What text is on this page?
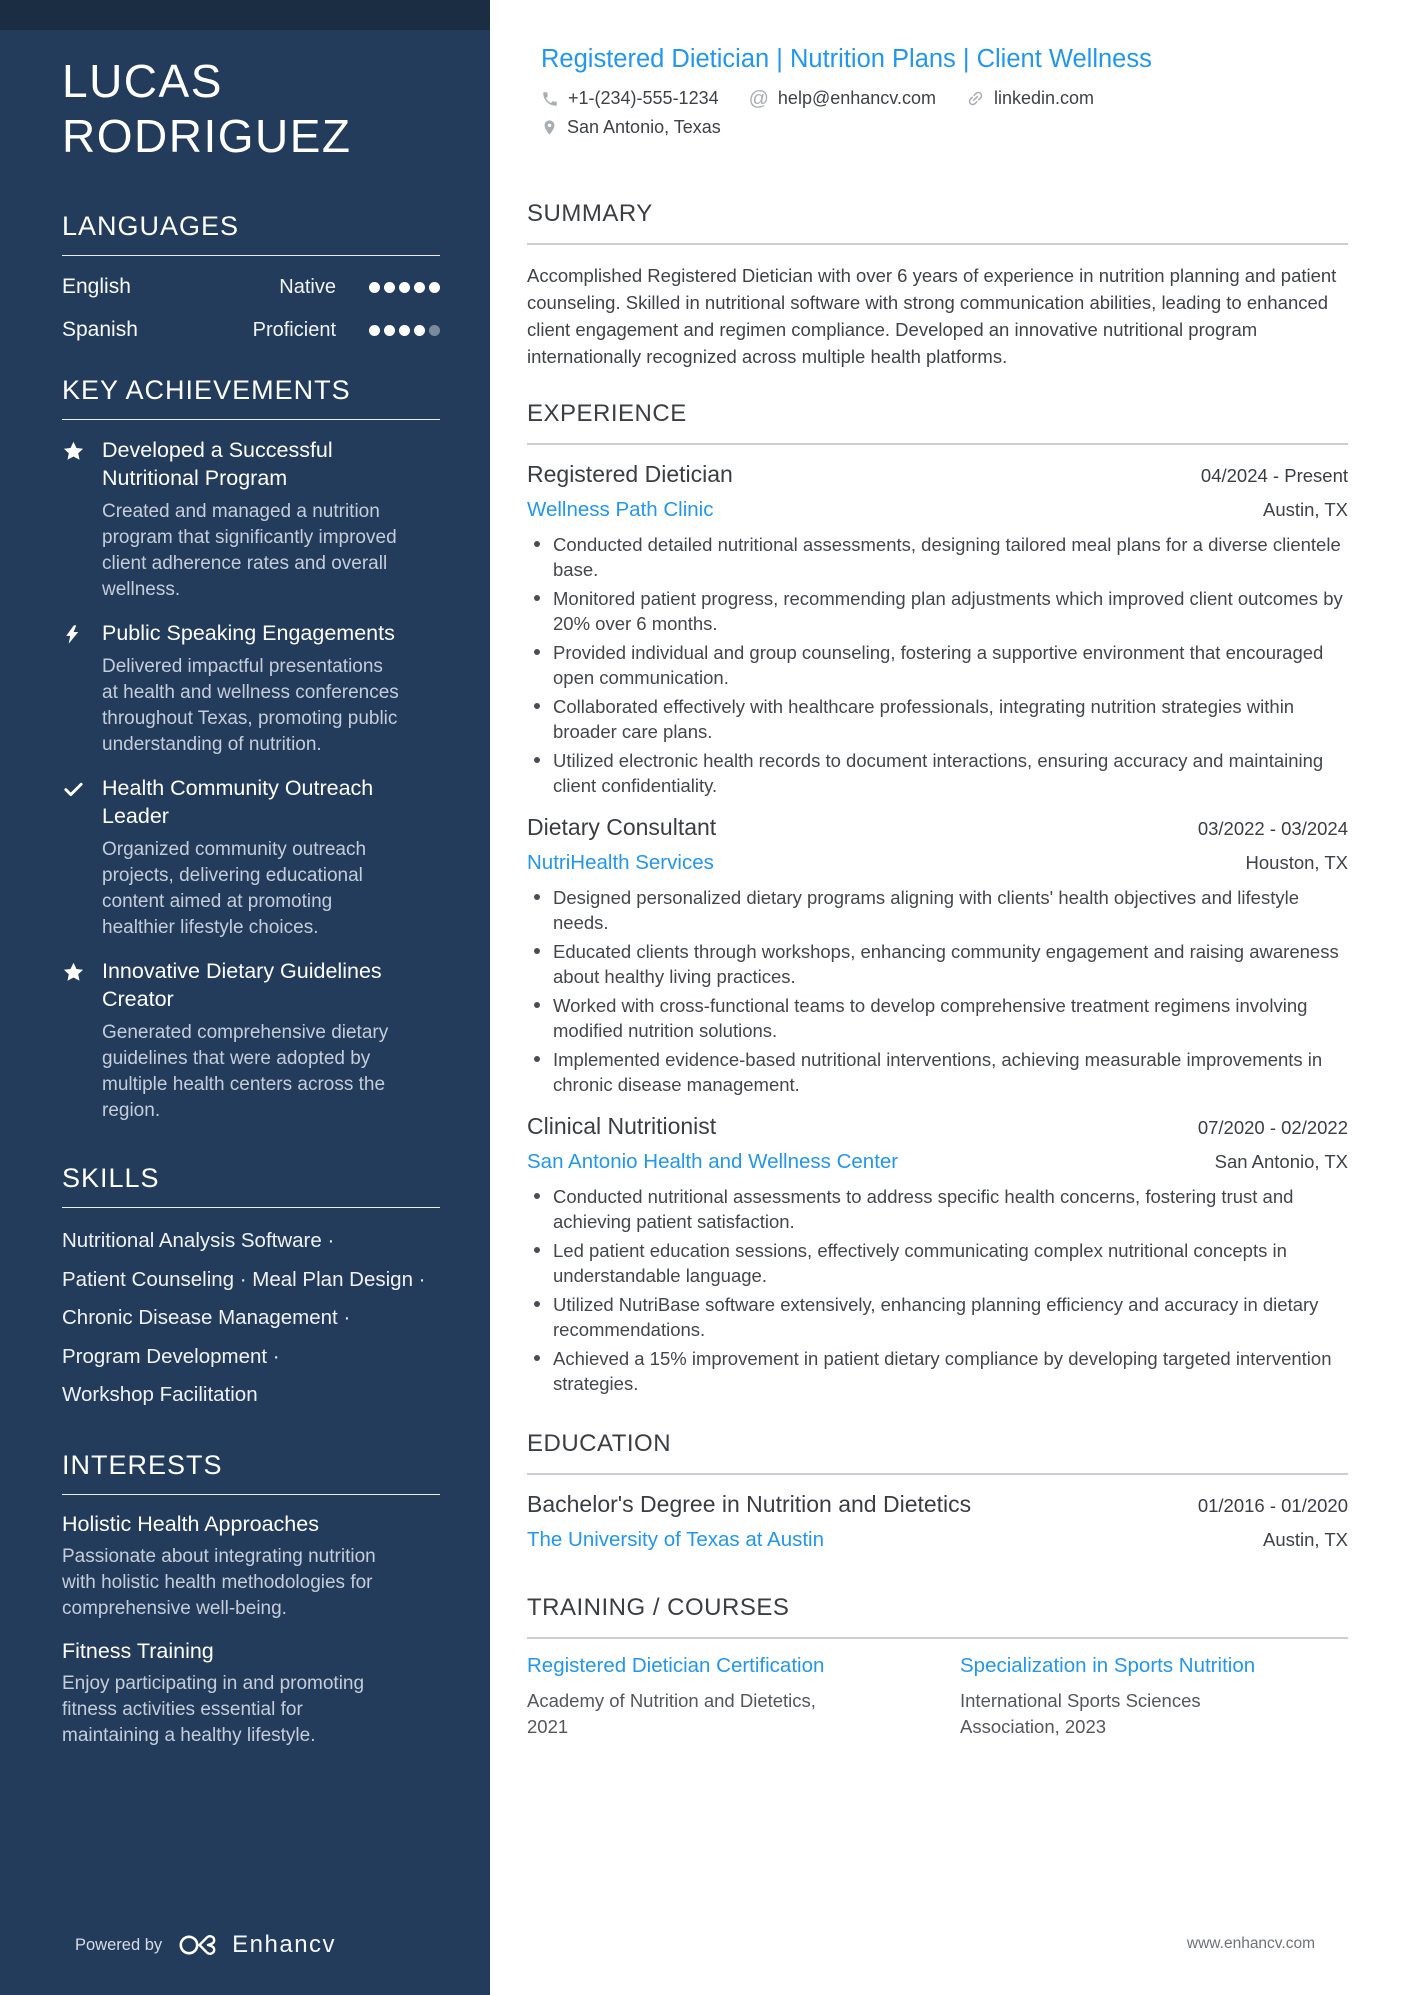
LUCAS
RODRIGUEZ
LANGUAGES
English	Native
Spanish	Proficient
KEY ACHIEVEMENTS
Developed a Successful Nutritional Program
Created and managed a nutrition program that significantly improved client adherence rates and overall wellness.
Public Speaking Engagements
Delivered impactful presentations at health and wellness conferences throughout Texas, promoting public understanding of nutrition.
Health Community Outreach Leader
Organized community outreach projects, delivering educational content aimed at promoting healthier lifestyle choices.
Innovative Dietary Guidelines Creator
Generated comprehensive dietary guidelines that were adopted by multiple health centers across the region.
SKILLS
Nutritional Analysis Software ·
Patient Counseling · Meal Plan Design ·
Chronic Disease Management ·
Program Development ·
Workshop Facilitation
INTERESTS
Holistic Health Approaches
Passionate about integrating nutrition with holistic health methodologies for comprehensive well-being.
Fitness Training
Enjoy participating in and promoting fitness activities essential for maintaining a healthy lifestyle.
Powered by	Enhancv
Registered Dietician | Nutrition Plans | Client Wellness
+1-(234)-555-1234 @ help@enhancv.com	linkedin.com
San Antonio, Texas
SUMMARY

Accomplished Registered Dietician with over 6 years of experience in nutrition planning and patient counseling. Skilled in nutritional software with strong communication abilities, leading to enhanced client engagement and regimen compliance. Developed an innovative nutritional program internationally recognized across multiple health platforms.

EXPERIENCE
Registered Dietician	04/2024 - Present
Wellness Path Clinic	Austin, TX
Conducted detailed nutritional assessments, designing tailored meal plans for a diverse clientele base.
Monitored patient progress, recommending plan adjustments which improved client outcomes by 20% over 6 months.
Provided individual and group counseling, fostering a supportive environment that encouraged open communication.
Collaborated effectively with healthcare professionals, integrating nutrition strategies within broader care plans.
Utilized electronic health records to document interactions, ensuring accuracy and maintaining client confidentiality.
Dietary Consultant	03/2022 - 03/2024
NutriHealth Services	Houston, TX
Designed personalized dietary programs aligning with clients' health objectives and lifestyle needs.
Educated clients through workshops, enhancing community engagement and raising awareness about healthy living practices.
Worked with cross-functional teams to develop comprehensive treatment regimens involving modified nutrition solutions.
Implemented evidence-based nutritional interventions, achieving measurable improvements in chronic disease management.
Clinical Nutritionist	07/2020 - 02/2022
San Antonio Health and Wellness Center	San Antonio, TX
Conducted nutritional assessments to address specific health concerns, fostering trust and achieving patient satisfaction.
Led patient education sessions, effectively communicating complex nutritional concepts in understandable language.
Utilized NutriBase software extensively, enhancing planning efficiency and accuracy in dietary recommendations.
Achieved a 15% improvement in patient dietary compliance by developing targeted intervention strategies.
EDUCATION
Bachelor's Degree in Nutrition and Dietetics	01/2016 - 01/2020
The University of Texas at Austin	Austin, TX
TRAINING / COURSES
Registered Dietician Certification
Academy of Nutrition and Dietetics, 2021
Specialization in Sports Nutrition
International Sports Sciences Association, 2023
www.enhancv.com
